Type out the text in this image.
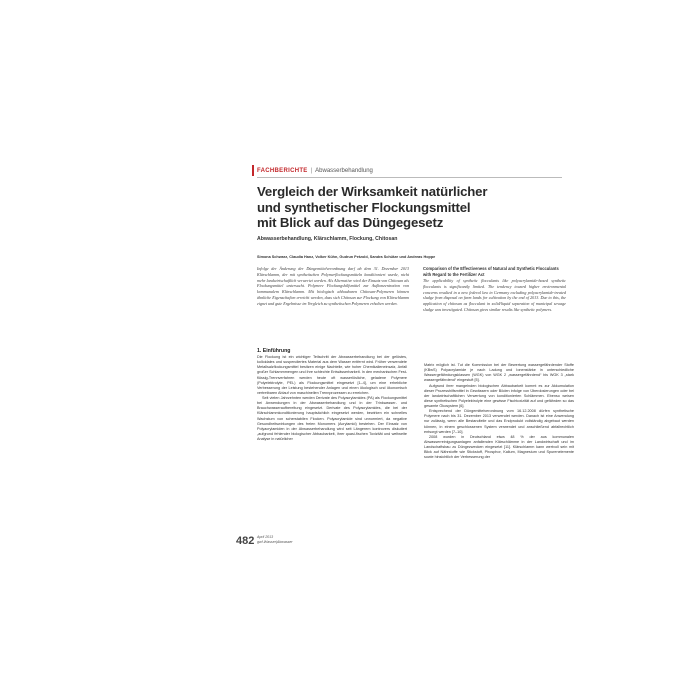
FACHBERICHTE | Abwasserbehandlung
Vergleich der Wirksamkeit natürlicher
und synthetischer Flockungsmittel
mit Blick auf das Düngegesetz
Abwasserbehandlung, Klärschlamm, Flockung, Chitosan
Simona Schwarz, Claudia Hanz, Volker Kühn, Gudrun Petzold, Sandra Schütze und Andreas Hoppe
Infolge der Änderung der Düngemittelverordnung darf ab dem 31. Dezember 2013 Klärschlamm, der mit synthetischen Polymerflockungsmitteln konditioniert wurde, nicht mehr landwirtschaftlich verwertet werden. Als Alternative wird der Einsatz von Chitosan als Flockungsmittel untersucht. Polymere Flockungshilfsmittel zur Aufkonzentration von kommunalem Klärschlamm. Mit biologisch abbaubaren Chitosan-Polymeren können ähnliche Eigenschaften erreicht werden, dass sich Chitosan zur Flockung von Klärschlamm eignet und gute Ergebnisse im Vergleich zu synthetischen Polymeren erhalten werden.
Comparison of the Effectiveness of Natural and Synthetic Flocculants with Regard to the Fertilizer Act
The applicability of synthetic flocculants like polyacrylamide-based synthetic flocculants is significantly limited. The tendency toward higher environmental concerns resulted in a new federal law in Germany excluding polyacrylamide-treated sludge from disposal on farm lands for cultivation by the end of 2013. Due to this, the application of chitosan as flocculant in solid/liquid separation of municipal sewage sludge was investigated. Chitosan gives similar results like synthetic polymers.
1. Einführung

Die Flockung ist ein wichtiger Teilschritt der Abwasserbehandlung bei der gelöstes, kolloidales und suspendiertes Material aus dem Wasser entfernt wird. Früher verwendete Metallsalzflockungsmittel besitzen einige Nachteile, wie hoher Chemikalieneinsatz, Anfall großer Schlammmengen und ihre schlechte Entwässerbarkeit. In den mechanischen Fest-flüssig-Trennverfahren werden heute oft wasserlösliche, geladene Polymere (Polyelektrolyte, PEL) als Flockungsmittel eingesetzt [1–4], um eine erhebliche Verbesserung der Leistung bestehender Anlagen und einen ökologisch und ökonomisch vertretbaren Ablauf von maschinellen Trennprozessen zu erreichen.

Seit vielen Jahrzehnten werden Derivate des Polyacrylamides (PA) als Flockungsmittel bei Anwendungen in der Abwasserbehandlung und in der Trinkwasser- und Brauchwasseraufbereitung eingesetzt. Derivate des Polyacrylamides, die bei der Klärschlammkonditionierung hauptsächlich eingesetzt werden, bewirken ein schnelles Wachstum von scherstabilen Flocken. Polyacrylamide sind unnormiert, da negative Gesundheitswirkungen des freien Monomers (Acrylamid) bestehen. Der Einsatz von Polyacrylamiden in der Abwasserbehandlung wird seit Längerem kontrovers diskutiert „aufgrund fehlender biologischer Abbaubarkeit, ihrer quasi-fischen Toxizität und weltweite Analyse in natürlicher

Matrix möglich ist. Tut die Kommission bei der Bewertung wassergefährdender Stoffe (KBwS) Polyacrylamide je nach Ladung und Ionenstärke in unterschiedliche Wassergefährdungsklassen (WGK) von WGK 2 „wassergefährdend“ bis WGK 3 „stark wassergefährdend“ eingestuft [5].

Aufgrund ihrer mangelnden biologischen Abbaubarkeit kommt es zur Akkumulation dieser Prozesshilfsmittel in Gewässern oder Böden infolge von Überdosierungen oder bei der landwirtschaftlichen Verwertung von konditionierten Schlämmen. Ebenso weisen diese synthetischen Polyelektrolyte eine gewisse Fischtoxizität auf und gefährden so das gesamte Ökosystem [6].

Entsprechend der Düngemittelverordnung vom 16.12.2008 dürfen synthetische Polymere nach bis 31. Dezember 2013 verwendet werden. Danach ist eine Anwendung nur zulässig, wenn alle Bestandteile und das Endprodukt vollständig abgebaut werden können, in einem geschlossenen System verwendet und anschließend abfallrechtlich entsorgt werden [7–10].

2008 wurden in Deutschland etwa 48 % der aus kommunalen Abwasserreinigungsanlagen anfallenden Klärschlämme in der Landwirtschaft und im Landschaftsbau zu Düngezwecken eingesetzt [11]. Klärschlamm kann wertvoll sein mit Blick auf Nährstoffe wie Stickstoff, Phosphor, Kalium, Magnesium und Spurenelemente sowie hinsichtlich der Verbesserung der

482 April 2013
gwf-Wasser|Abwasser
